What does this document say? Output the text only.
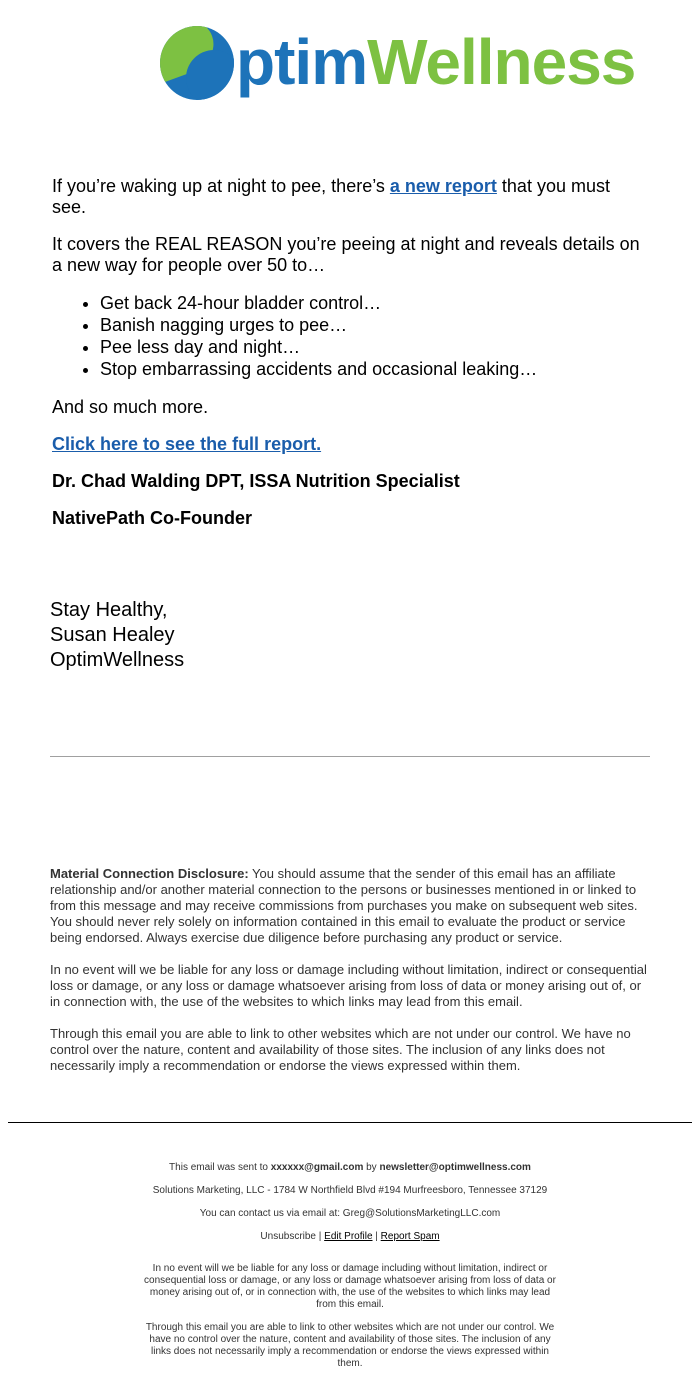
ptimWellness
If you’re waking up at night to pee, there’s a new report that you must see.
It covers the REAL REASON you’re peeing at night and reveals details on a new way for people over 50 to…
• Get back 24-hour bladder control…
• Banish nagging urges to pee…
• Pee less day and night…
• Stop embarrassing accidents and occasional leaking…
And so much more.
Click here to see the full report.
Dr. Chad Walding DPT, ISSA Nutrition Specialist
NativePath Co-Founder
Stay Healthy,
Susan Healey
OptimWellness

Material Connection Disclosure: You should assume that the sender of this email has an affiliate relationship and/or another material connection to the persons or businesses mentioned in or linked to from this message and may receive commissions from purchases you make on subsequent web sites. You should never rely solely on information contained in this email to evaluate the product or service being endorsed. Always exercise due diligence before purchasing any product or service.

In no event will we be liable for any loss or damage including without limitation, indirect or consequential loss or damage, or any loss or damage whatsoever arising from loss of data or money arising out of, or in connection with, the use of the websites to which links may lead from this email.

Through this email you are able to link to other websites which are not under our control. We have no control over the nature, content and availability of those sites. The inclusion of any links does not necessarily imply a recommendation or endorse the views expressed within them.

This email was sent to xxxxxx@gmail.com by newsletter@optimwellness.com

Solutions Marketing, LLC - 1784 W Northfield Blvd #194 Murfreesboro, Tennessee 37129

You can contact us via email at: Greg@SolutionsMarketingLLC.com

Unsubscribe | Edit Profile | Report Spam

In no event will we be liable for any loss or damage including without limitation, indirect or consequential loss or damage, or any loss or damage whatsoever arising from loss of data or money arising out of, or in connection with, the use of the websites to which links may lead from this email.

Through this email you are able to link to other websites which are not under our control. We have no control over the nature, content and availability of those sites. The inclusion of any links does not necessarily imply a recommendation or endorse the views expressed within them.
